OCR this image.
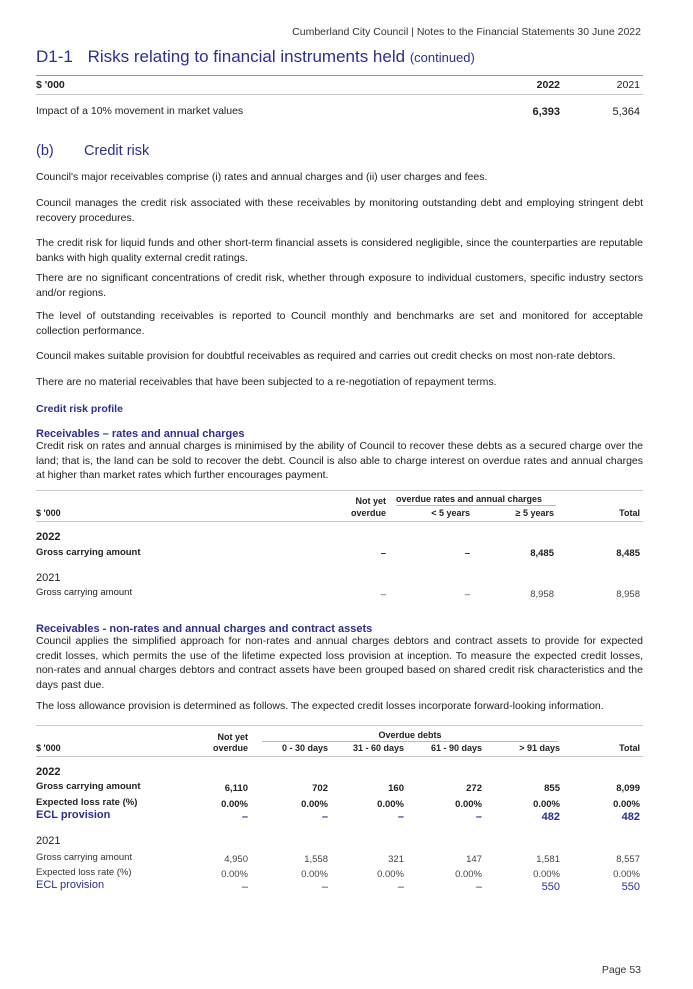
Cumberland City Council | Notes to the Financial Statements 30 June 2022
D1-1 Risks relating to financial instruments held (continued)
$ '000	2022	2021
Impact of a 10% movement in market values	6,393	5,364
(b) Credit risk
Council's major receivables comprise (i) rates and annual charges and (ii) user charges and fees.
Council manages the credit risk associated with these receivables by monitoring outstanding debt and employing stringent debt recovery procedures.
The credit risk for liquid funds and other short-term financial assets is considered negligible, since the counterparties are reputable banks with high quality external credit ratings.
There are no significant concentrations of credit risk, whether through exposure to individual customers, specific industry sectors and/or regions.
The level of outstanding receivables is reported to Council monthly and benchmarks are set and monitored for acceptable collection performance.
Council makes suitable provision for doubtful receivables as required and carries out credit checks on most non-rate debtors.
There are no material receivables that have been subjected to a re-negotiation of repayment terms.
Credit risk profile
Receivables – rates and annual charges
Credit risk on rates and annual charges is minimised by the ability of Council to recover these debts as a secured charge over the land; that is, the land can be sold to recover the debt. Council is also able to charge interest on overdue rates and annual charges at higher than market rates which further encourages payment.
Not yet
overdue
overdue rates and annual charges
$ '000	< 5 years	≥ 5 years	Total
2022
Gross carrying amount	–	–	8,485	8,485
2021
Gross carrying amount	–	–	8,958	8,958
Receivables - non-rates and annual charges and contract assets
Council applies the simplified approach for non-rates and annual charges debtors and contract assets to provide for expected credit losses, which permits the use of the lifetime expected loss provision at inception. To measure the expected credit losses, non-rates and annual charges debtors and contract assets have been grouped based on shared credit risk characteristics and the days past due.
The loss allowance provision is determined as follows. The expected credit losses incorporate forward-looking information.
Not yet
overdue
Overdue debts
$ '000	0 - 30 days	31 - 60 days	61 - 90 days	> 91 days	Total
2022
Gross carrying amount	6,110	702	160	272	855	8,099
Expected loss rate (%)	0.00%	0.00%	0.00%	0.00%	0.00%	0.00%
ECL provision	–	–	–	–	482	482
2021
Gross carrying amount	4,950	1,558	321	147	1,581	8,557
Expected loss rate (%)	0.00%	0.00%	0.00%	0.00%	0.00%	0.00%
ECL provision	–	–	–	–	550	550
Page 53
